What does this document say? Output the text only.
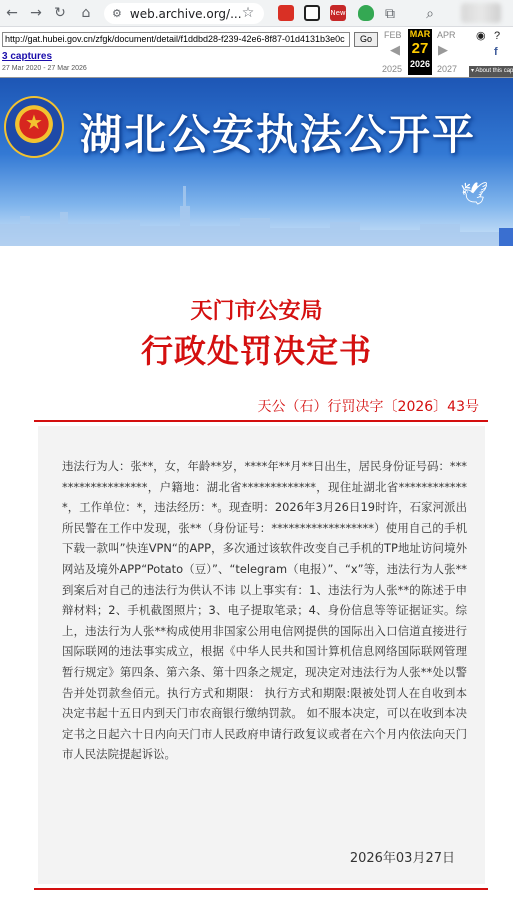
← → ↻	⌂	⚙ web.archive.org/... ☆	New	⧉	⌕
http://gat.hubei.gov.cn/zfgk/document/detail/f1ddbd28-f239-42e6-8f87-01d4131b3e0c	Go
3 captures
27 Mar 2020 - 27 Mar 2026
FEB
◀
2025
MAR
27
2026
APR
▶
2027
◉ ?
f
▾ About this capture
★
湖北公安执法公开平
🕊
天门市公安局
行政处罚决定书
天公（石）行罚决字〔2026〕43号
违法行为人：张**，女，年龄**岁，****年**月**日出生，居民身份证号码：******************，户籍地：湖北省*************，现住址湖北省*************，工作单位：*，违法经历：*。现查明：2026年3月26日19时许，石家河派出所民警在工作中发现，张**（身份证号：******************）使用自己的手机下载一款叫”快连VPN“的APP，多次通过该软件改变自己手机的TP地址访问境外网站及境外APP“Potato（豆）”、“telegram（电报）”、“x”等，违法行为人张**到案后对自己的违法行为供认不讳 以上事实有：1、违法行为人张**的陈述于申辩材料；2、手机截图照片；3、电子提取笔录；4、身份信息等等证据证实。综上，违法行为人张**构成使用非国家公用电信网提供的国际出入口信道直接进行国际联网的违法事实成立，根据《中华人民共和国计算机信息网络国际联网管理暂行规定》第四条、第六条、第十四条之规定，现决定对违法行为人张**处以警告并处罚款叁佰元。执行方式和期限： 执行方式和期限:限被处罚人在自收到本决定书起十五日内到天门市农商银行缴纳罚款。 如不服本决定，可以在收到本决定书之日起六十日内向天门市人民政府申请行政复议或者在六个月内依法向天门市人民法院提起诉讼。
2026年03月27日
